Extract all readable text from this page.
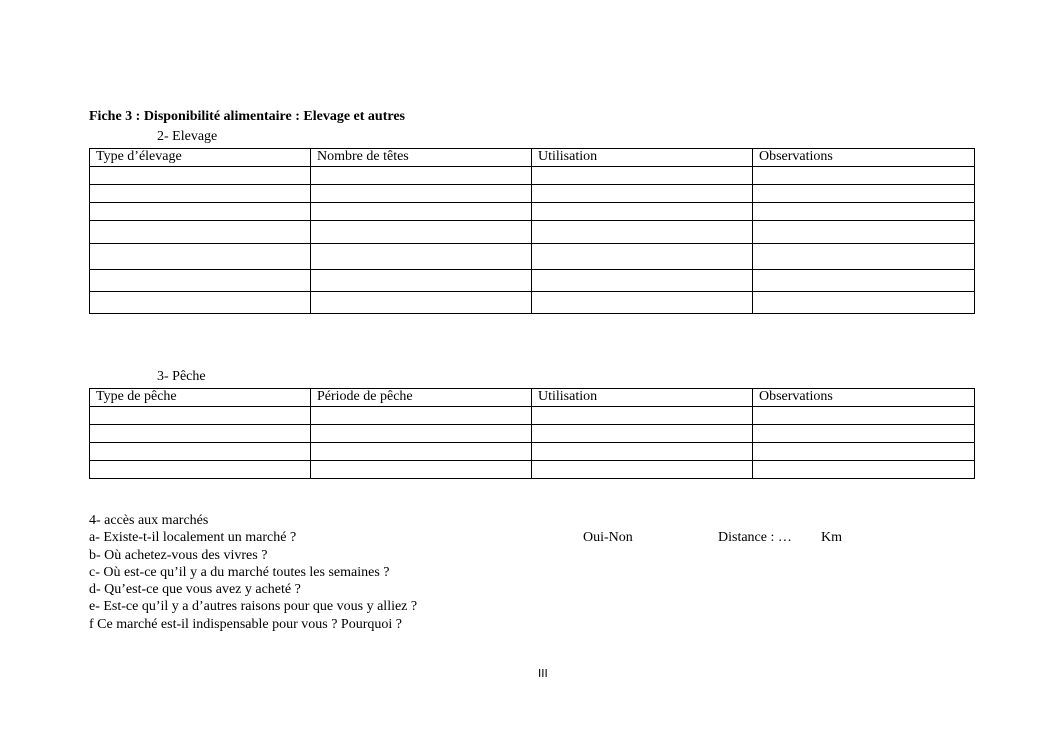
Fiche 3 : Disponibilité alimentaire : Elevage et autres
2- Elevage
Type d’élevage	Nombre de têtes	Utilisation	Observations

3- Pêche
Type de pêche	Période de pêche	Utilisation	Observations

4- accès aux marchés
a- Existe-t-il localement un marché ?	Oui-Non	Distance : … Km
b- Où achetez-vous des vivres ?
c- Où est-ce qu’il y a du marché toutes les semaines ?
d- Qu’est-ce que vous avez y acheté ?
e- Est-ce qu’il y a d’autres raisons pour que vous y alliez ?
f Ce marché est-il indispensable pour vous ? Pourquoi ?
III
